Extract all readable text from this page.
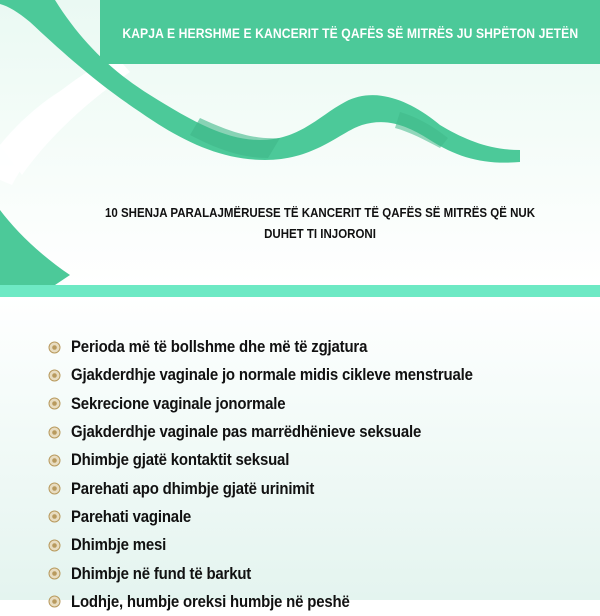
KAPJA E HERSHME E KANCERIT TË QAFËS SË MITRËS JU SHPËTON JETËN
10 SHENJA PARALAJMËRUESE TË KANCERIT TË QAFËS SË MITRËS QË NUK
DUHET TI INJORONI
Perioda më të bollshme dhe më të zgjatura
Gjakderdhje vaginale jo normale midis cikleve menstruale
Sekrecione vaginale jonormale
Gjakderdhje vaginale pas marrëdhënieve seksuale
Dhimbje gjatë kontaktit seksual
Parehati apo dhimbje gjatë urinimit
Parehati vaginale
Dhimbje mesi
Dhimbje në fund të barkut
Lodhje, humbje oreksi humbje në peshë
